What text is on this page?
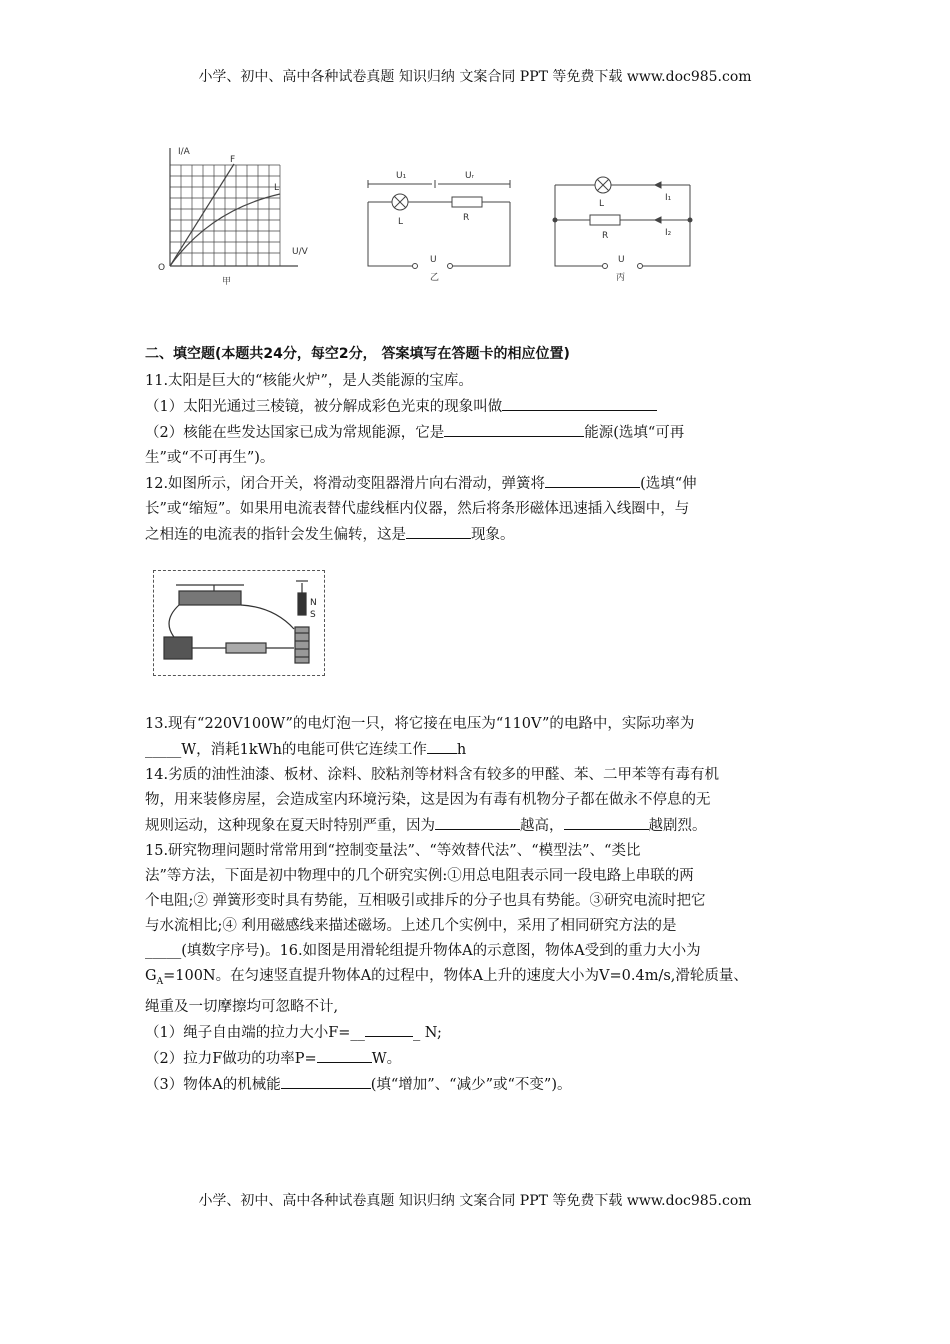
小学、初中、高中各种试卷真题 知识归纳 文案合同 PPT 等免费下载 www.doc985.com
I/A
U/V
O
F
L
甲
U₁	Uᵣ
L	R
U
乙
L
R
I₁
I₂
U
丙

二、填空题(本题共24分，每空2分， 答案填写在答题卡的相应位置)

11.太阳是巨大的“核能火炉”，是人类能源的宝库。

（1）太阳光通过三棱镜，被分解成彩色光束的现象叫做

（2）核能在些发达国家已成为常规能源，它是	能源(选填“可再

生”或“不可再生”)。

12.如图所示，闭合开关，将滑动变阻器滑片向右滑动，弹簧将	(选填“伸

长”或“缩短”。如果用电流表替代虚线框内仪器，然后将条形磁体迅速插入线圈中，与

之相连的电流表的指针会发生偏转，这是	现象。

N
S

13.现有“220V100W”的电灯泡一只，将它接在电压为“110V”的电路中，实际功率为

_____W，消耗1kWh的电能可供它连续工作 h

14.劣质的油性油漆、板材、涂料、胶粘剂等材料含有较多的甲醛、苯、二甲苯等有毒有机

物，用来装修房屋，会造成室内环境污染，这是因为有毒有机物分子都在做永不停息的无

规则运动，这种现象在夏天时特别严重，因为	越高，	越剧烈。

15.研究物理问题时常常用到“控制变量法”、“等效替代法”、“模型法”、“类比

法”等方法，下面是初中物理中的几个研究实例:①用总电阻表示同一段电路上串联的两

个电阻;② 弹簧形变时具有势能，互相吸引或排斥的分子也具有势能。③研究电流时把它

与水流相比;④ 利用磁感线来描述磁场。上述几个实例中，采用了相同研究方法的是

_____(填数字序号)。16.如图是用滑轮组提升物体A的示意图，物体A受到的重力大小为

$G_A=100N$。在匀速竖直提升物体A的过程中，物体A上升的速度大小为V=0.4m/s,滑轮质量、

绳重及一切摩擦均可忽略不计,

（1）绳子自由端的拉力大小F=__	_ N;

（2）拉力F做功的功率P=	W。

（3）物体A的机械能	(填“增加”、“减少”或“不变”)。

小学、初中、高中各种试卷真题 知识归纳 文案合同 PPT 等免费下载 www.doc985.com
